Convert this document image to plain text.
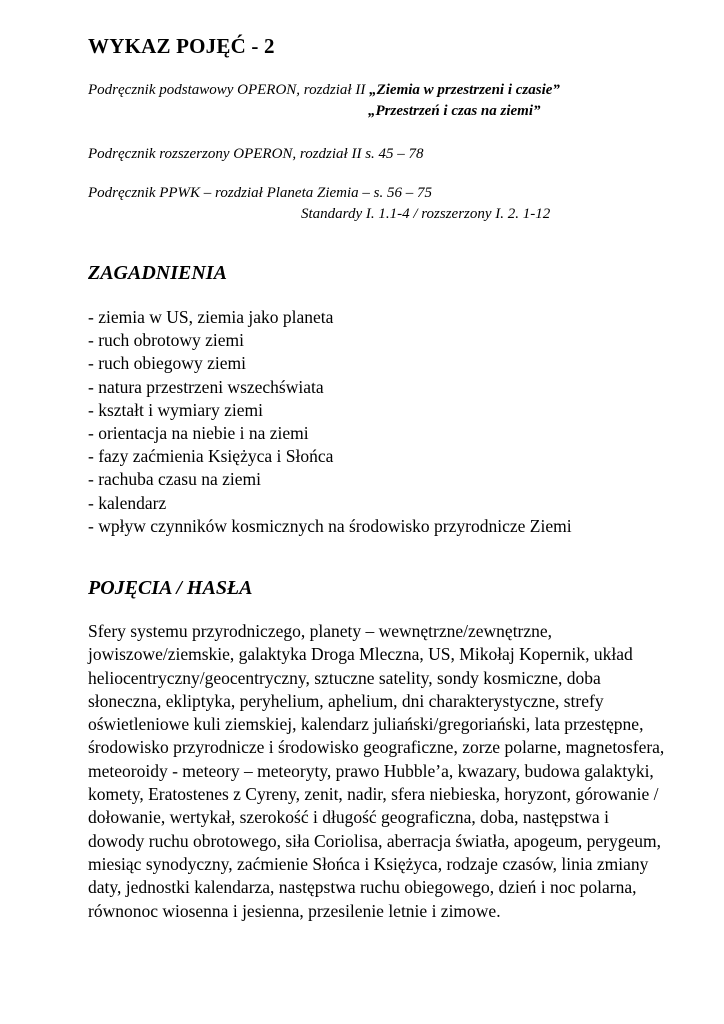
WYKAZ POJĘĆ - 2
Podręcznik podstawowy OPERON, rozdział II „Ziemia w przestrzeni i czasie”
„Przestrzeń i czas na ziemi”
Podręcznik rozszerzony OPERON, rozdział II s. 45 – 78
Podręcznik PPWK – rozdział Planeta Ziemia – s. 56 – 75
Standardy I. 1.1-4 / rozszerzony I. 2. 1-12
ZAGADNIENIA
- ziemia w US, ziemia jako planeta
- ruch obrotowy ziemi
- ruch obiegowy ziemi
- natura przestrzeni wszechświata
- kształt i wymiary ziemi
- orientacja na niebie i na ziemi
- fazy zaćmienia Księżyca i Słońca
- rachuba czasu na ziemi
- kalendarz
- wpływ czynników kosmicznych na środowisko przyrodnicze Ziemi
POJĘCIA / HASŁA

Sfery systemu przyrodniczego, planety – wewnętrzne/zewnętrzne, jowiszowe/ziemskie, galaktyka Droga Mleczna, US, Mikołaj Kopernik, układ heliocentryczny/geocentryczny, sztuczne satelity, sondy kosmiczne, doba słoneczna, ekliptyka, peryhelium, aphelium, dni charakterystyczne, strefy oświetleniowe kuli ziemskiej, kalendarz juliański/gregoriański, lata przestępne, środowisko przyrodnicze i środowisko geograficzne, zorze polarne, magnetosfera, meteoroidy - meteory – meteoryty, prawo Hubble’a, kwazary, budowa galaktyki, komety, Eratostenes z Cyreny, zenit, nadir, sfera niebieska, horyzont, górowanie / dołowanie, wertykał, szerokość i długość geograficzna, doba, następstwa i dowody ruchu obrotowego, siła Coriolisa, aberracja światła, apogeum, perygeum, miesiąc synodyczny, zaćmienie Słońca i Księżyca, rodzaje czasów, linia zmiany daty, jednostki kalendarza, następstwa ruchu obiegowego, dzień i noc polarna, równonoc wiosenna i jesienna, przesilenie letnie i zimowe.
